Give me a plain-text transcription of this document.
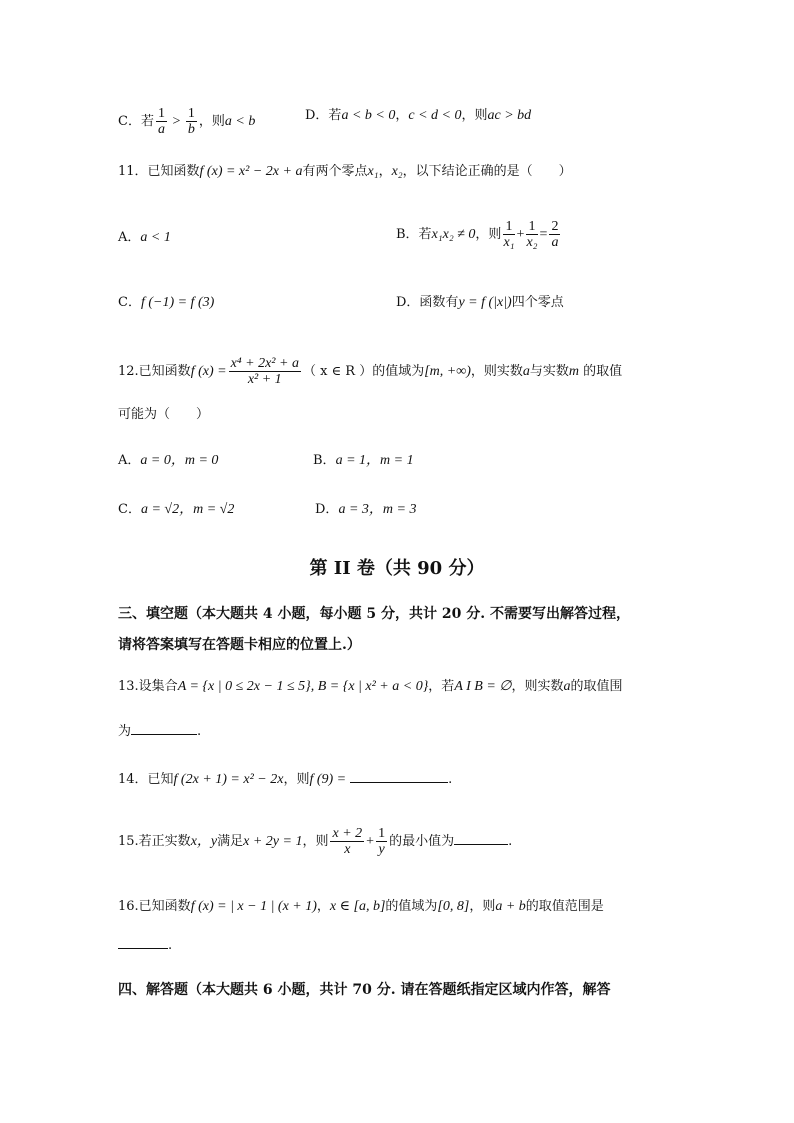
C．若 $\frac{1}{a} > \frac{1}{b}$ ，则a < b	D．若a < b < 0，c < d < 0，则ac > bd
11．已知函数f (x) = x² − 2x + a有两个零点x₁，x₂，以下结论正确的是（　　）
A．a < 1	B．若x₁x₂ ≠ 0，则 $\frac{1}{\text{x₁}} + \frac{1}{\text{x₂}} = \frac{2}{a}$
C．f (−1) = f (3)	D．函数有y = f (|x|)四个零点
12.已知函数f $(x) = \frac{\text{x⁴ + 2x² + a}}{\text{x² + 1}}$ （ x ∈ R ）的值域为[m, +∞)，则实数a与实数m 的取值
可能为（　　）
A．a = 0，m = 0	B．a = 1，m = 1
C．a = √2，m = √2	D．a = 3，m = 3
第 II 卷（共 90 分）
三、填空题（本大题共 4 小题，每小题 5 分，共计 20 分. 不需要写出解答过程，
请将答案填写在答题卡相应的位置上.）
13.设集合A = {x | 0 ≤ 2x − 1 ≤ 5}, B = {x | x² + a < 0}，若A I B = ∅，则实数a的取值围
为	.
14．已知f (2x + 1) = x² − 2x，则f (9) =	.
15.若正实数x，y满足x + 2y = 1，则 $\frac{x + 2}{x} + \frac{1}{y}$ 的最小值为	.
16.已知函数f (x) = | x − 1 | (x + 1)，x ∈ [a, b]的值域为[0, 8]，则a + b的取值范围是
.
四、解答题（本大题共 6 小题，共计 70 分. 请在答题纸指定区域内作答，解答
